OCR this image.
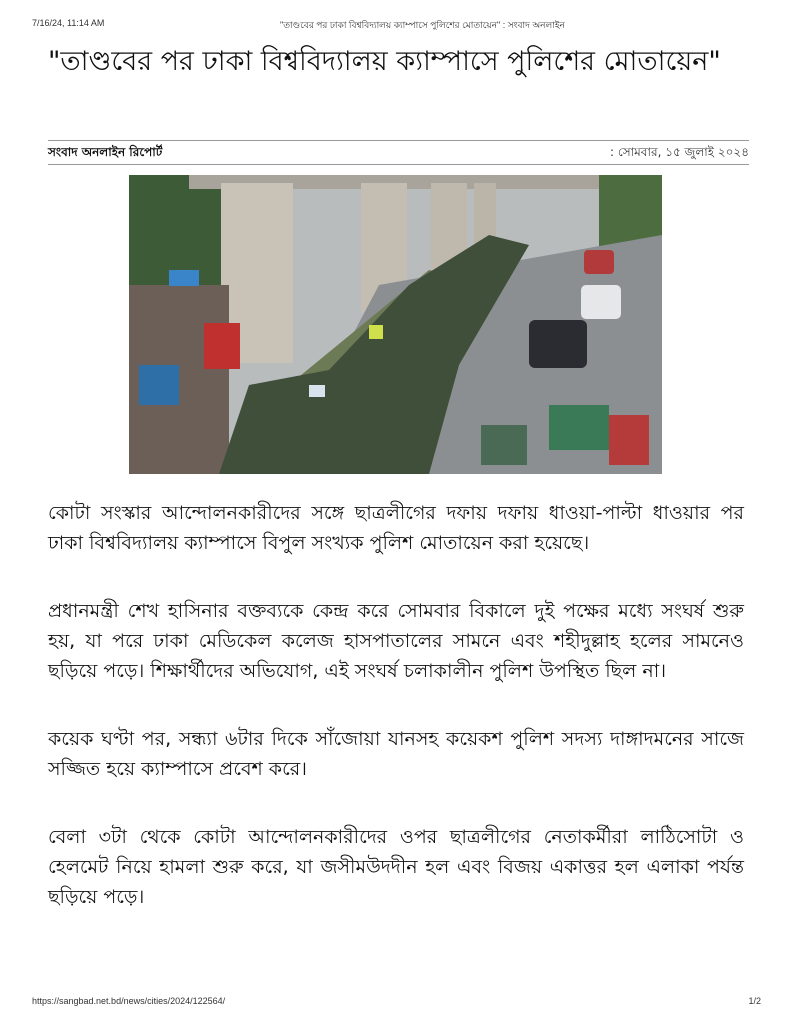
7/16/24, 11:14 AM	"তাণ্ডবের পর ঢাকা বিশ্ববিদ্যালয় ক্যাম্পাসে পুলিশের মোতায়েন" : সংবাদ অনলাইন
"তাণ্ডবের পর ঢাকা বিশ্ববিদ্যালয় ক্যাম্পাসে পুলিশের মোতায়েন"
সংবাদ অনলাইন রিপোর্ট	: সোমবার, ১৫ জুলাই ২০২৪

কোটা সংস্কার আন্দোলনকারীদের সঙ্গে ছাত্রলীগের দফায় দফায় ধাওয়া-পাল্টা ধাওয়ার পর ঢাকা বিশ্ববিদ্যালয় ক্যাম্পাসে বিপুল সংখ্যক পুলিশ মোতায়েন করা হয়েছে।

প্রধানমন্ত্রী শেখ হাসিনার বক্তব্যকে কেন্দ্র করে সোমবার বিকালে দুই পক্ষের মধ্যে সংঘর্ষ শুরু হয়, যা পরে ঢাকা মেডিকেল কলেজ হাসপাতালের সামনে এবং শহীদুল্লাহ হলের সামনেও ছড়িয়ে পড়ে। শিক্ষার্থীদের অভিযোগ, এই সংঘর্ষ চলাকালীন পুলিশ উপস্থিত ছিল না।

কয়েক ঘণ্টা পর, সন্ধ্যা ৬টার দিকে সাঁজোয়া যানসহ কয়েকশ পুলিশ সদস্য দাঙ্গাদমনের সাজে সজ্জিত হয়ে ক্যাম্পাসে প্রবেশ করে।

বেলা ৩টা থেকে কোটা আন্দোলনকারীদের ওপর ছাত্রলীগের নেতাকর্মীরা লাঠিসোটা ও হেলমেট নিয়ে হামলা শুরু করে, যা জসীমউদদীন হল এবং বিজয় একাত্তর হল এলাকা পর্যন্ত ছড়িয়ে পড়ে।

https://sangbad.net.bd/news/cities/2024/122564/	1/2
